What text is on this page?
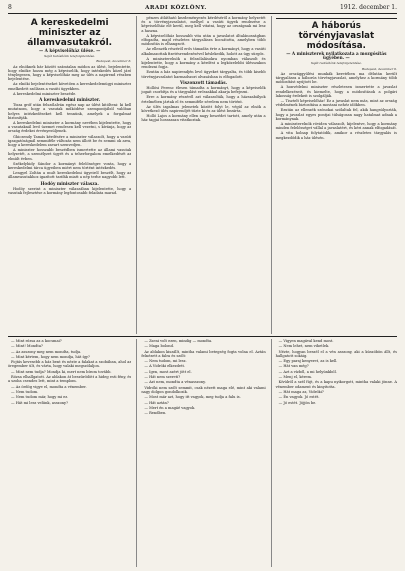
8	ARADI KÖZLÖNY.	1912. december 1.
A kereskedelmi miniszter az államvasutakról.
— A képviselőház ülése. —
Saját tudósítónk telefonjelentése.
Budapest, december 6.

Az elnöknek bár között számtalan módon az ülést, bejelentette, hogy elnöke hozza még a képviselők, hogy intézkedés közel járó ténylegesen, hogy a képviselőház meg az ülés a napirend részben bejelentése.

Az elnöki bejelentéseket követően a kereskedelemügyi miniszter emelkedett szólásra a vasúti ügyekben.

A kereskedelmi miniszter beszéde.

A kereskedelmi miniszter.

Tisza gróf után felszólalván egész nap az ülést kitölteni: ki kell mutatnom, hogy a vasutak működése szempontjából valóban helyes intézkedéseket kell tennünk, amelyek a forgalmat biztosítják.

A kereskedelmi miniszter a kormány nevében kijelentette, hogy a vasutaknál levő üzemet rendesen kell vezetni, s kívánja, hogy az ország érdekei érvényesüljenek.

Ghiczendy Tamás kérdésére a miniszter válaszolt, hogy a vasúti igazgatóságnál semmiféle változás nem állott be és semmi ok arra, hogy a kereskedelem zavart szenvedjen.

A miniszter hosszabb beszédben ismertette az állami vasutak helyzetét, a személyzet ügyét és a teherforgalom emelkedését az elmúlt évben.

Székelyhidy Sándor a kormányt felelősségre vonta, hogy a kereskedelmi tárca ügyeiben miért nem történt intézkedés.

Lengyel Zoltán a mult kereskedelmi ügyeiről beszélt, hogy az államvasutakhoz igazított tarifák miatt a nép terhe nagyobb lett.

Hodóy miniszter válasza.

Hodóy szerint a miniszter válaszában kijelentette, hogy a vasutak fejlesztése a kormány legfontosabb feladata marad.

pénzes átlátható kezdeményezés kérdéséről a kormány helyzetét és a törvényjavaslatot, mellyel a vasúti ügyek rendezése a képviselőház elé kerül, meg kell vitatni, hogy az országnak mi lesz a haszna.

A képviselőház hosszabb vita után a javaslatot általánosságban elfogadta, majd részletes tárgyalásra bocsátotta, amelyben több módosítás is elhangzott.

Az ellenzék részéről erős támadás érte a kormányt, hogy a vasúti alkalmazottak fizetésrendezésével késlekedik, holott az ügy sürgős.

A miniszterelnök a felszólalásokra nyomban válaszolt és kijelentette, hogy a kormány a kérdést a legközelebbi ülésszakon rendezni fogja.

Ezután a ház napirendjén levő ügyeket tárgyalta, és több kisebb törvényjavaslatot harmadszori olvasásban is elfogadott.

Viszonzott támadás.

Hollósi Ferenc élesen támadta a kormányt, hogy a képviselők jogait csorbítja és a tárgyalást erőszakkal akarja befejezni.

Erre a kormány részéről azt válaszolták, hogy a házszabályok értelmében jártak el és semmiféle sérelem nem történt.

Az ülés izgalmas jelenetek között folyt le, végül az elnök a következő ülés napirendjét tűzte ki és az ülést bezárta.

Holló Lajos a kormány ellen nagy beszédet tartott, amely után a ház tagjai hosszasan vitatkoztak.

A háborús törvényjavaslat módosítása.
— A miniszterek nyilatkozata a mozgósítás ügyében. —
Saját tudósítónk telefonjelentése.
Budapest, december 6.

Az országgyűlési munkák keretében ma délután került tárgyalásra a háborús törvényjavaslat, amelyhez a kormány több módosítást nyújtott be.

A honvédelmi miniszter részletesen ismertette a javaslat rendelkezéseit, és kiemelte, hogy a módosítások a polgári lakosság érdekeit is szolgálják.

— Tisztelt képviselőház! Ez a javaslat nem más, mint az ország védelmének biztosítása a mostani nehéz időkben.

Ezután az ellenzék szónokai szólaltak fel, akik hangsúlyozták, hogy a javaslat egyes pontjai túlságosan nagy hatalmat adnak a kormánynak.

A miniszterelnök röviden válaszolt, kijelentve, hogy a kormány minden felelősséget vállal a javaslatért, és kéri annak elfogadását.

A vita holnap folytatódik, amikor a részletes tárgyalás is megkezdődik a ház ülésén.

— Mint rózsa az a kocsmai?

— Mint! Mondta?

— Az asszony meg nem mondta, tudja.

— Mint kértem, hogy nem mondja, hát így?

Fojtás kevesebb a ház bent és nézte a falakat a szobában, ahol az öregember ült, és várta, hogy valaki megszólaljon.

— Mint nem tudja? Mondja ki, mert nem bírom tovább.

Rózsa elhallgatott. Az ablakon át beszűrődött a hideg esti fény, és a szoba csendes lett, mint a templom.

— Az ördög vigye el, mondta a vénember.

— Nem tudom.

— Nem tudom már, hogy mi ez.

— Hát mi lesz velünk, asszony?

— Zseni volt ezen, mindig — mondta.

— Maga bolond.

Az ablakon kiszállt, mintha valami betegség fogta volna el. Aztán felnézett a falra és szólt:

— Nem tudom, mi lesz.

— A Vidróki elkezdett.

— Igen, most azért jött el.

— Hát nem szereti?

— Azt nem, mondta a vénasszony.

Vidróki nem szólt semmit, csak nézett maga elé, mint aki valami nagy dolgon gondolkozik.

— Most már azt, hogy itt vagyok, meg tudja a falu is.

— Hát aztán?

— Mert én a magáé vagyok.

— Rendben.

— Vigyen magával kend most.

— Nem lehet, nem vihetlek.

Nézte, hogyan beszél el a vén asszony, aki a küszöbön állt, és hallgatott sokáig.

— Egy paraj kenyeret, az is kell.

— Hát van még?

— Azt a vízből, a mi helyünkből.

— Menj el, kérem.

Kívülről a szél fújt, és a kapu nyikorgott, mintha valaki jönne. A vénember odament és kinyitotta.

— Hát maga az, Vidróki?

— Én vagyok. Jó estét.

— Jó estét. Jöjjön be.
